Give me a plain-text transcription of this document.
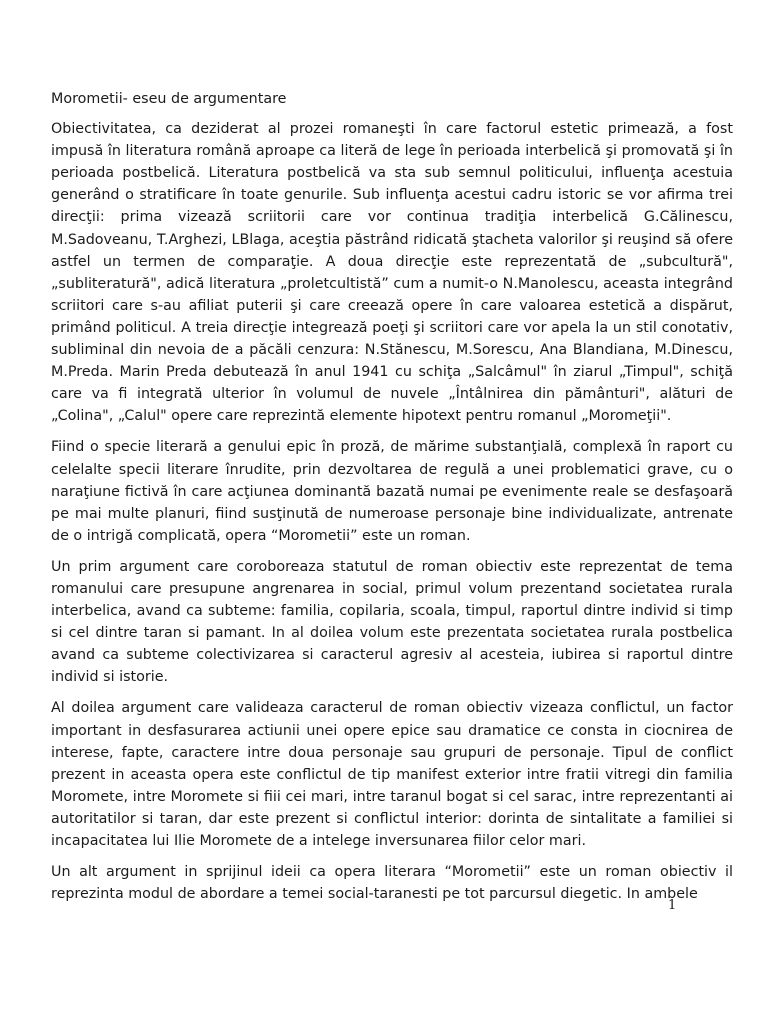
Morometii- eseu de argumentare

Obiectivitatea, ca deziderat al prozei romaneşti în care factorul estetic primează, a fost impusă în literatura română aproape ca literă de lege în perioada interbelică şi promovată şi în perioada postbelică. Literatura postbelică va sta sub semnul politicului, influenţa acestuia generând o stratificare în toate genurile. Sub influenţa acestui cadru istoric se vor afirma trei direcţii: prima vizează scriitorii care vor continua tradiţia interbelică G.Călinescu, M.Sadoveanu, T.Arghezi, LBlaga, aceştia păstrând ridicată ştacheta valorilor şi reuşind să ofere astfel un termen de comparaţie. A doua direcţie este reprezentată de „subcultură", „subliteratură", adică literatura „proletcultistă” cum a numit-o N.Manolescu, aceasta integrând scriitori care s-au afiliat puterii şi care creează opere în care valoarea estetică a dispărut, primând politicul. A treia direcţie integrează poeţi şi scriitori care vor apela la un stil conotativ, subliminal din nevoia de a păcăli cenzura: N.Stănescu, M.Sorescu, Ana Blandiana, M.Dinescu, M.Preda. Marin Preda debutează în anul 1941 cu schiţa „Salcâmul" în ziarul „Timpul", schiţă care va fi integrată ulterior în volumul de nuvele „Întâlnirea din pământuri", alături de „Colina", „Calul" opere care reprezintă elemente hipotext pentru romanul „Moromeţii".

Fiind o specie literară a genului epic în proză, de mărime substanţială, complexă în raport cu celelalte specii literare înrudite, prin dezvoltarea de regulă a unei problematici grave, cu o naraţiune fictivă în care acţiunea dominantă bazată numai pe evenimente reale se desfaşoară pe mai multe planuri, fiind susţinută de numeroase personaje bine individualizate, antrenate de o intrigă complicată, opera “Morometii” este un roman.

Un prim argument care coroboreaza statutul de roman obiectiv este reprezentat de tema romanului care presupune angrenarea in social, primul volum prezentand societatea rurala interbelica, avand ca subteme: familia, copilaria, scoala, timpul, raportul dintre individ si timp si cel dintre taran si pamant. In al doilea volum este prezentata societatea rurala postbelica avand ca subteme colectivizarea si caracterul agresiv al acesteia, iubirea si raportul dintre individ si istorie.

Al doilea argument care valideaza caracterul de roman obiectiv vizeaza conflictul, un factor important in desfasurarea actiunii unei opere epice sau dramatice ce consta in ciocnirea de interese, fapte, caractere intre doua personaje sau grupuri de personaje. Tipul de conflict prezent in aceasta opera este conflictul de tip manifest exterior intre fratii vitregi din familia Moromete, intre Moromete si fiii cei mari, intre taranul bogat si cel sarac, intre reprezentanti ai autoritatilor si taran, dar este prezent si conflictul interior: dorinta de sintalitate a familiei si incapacitatea lui Ilie Moromete de a intelege inversunarea fiilor celor mari.

Un alt argument in sprijinul ideii ca opera literara “Morometii” este un roman obiectiv il reprezinta modul de abordare a temei social-taranesti pe tot parcursul diegetic. In ambele

1
